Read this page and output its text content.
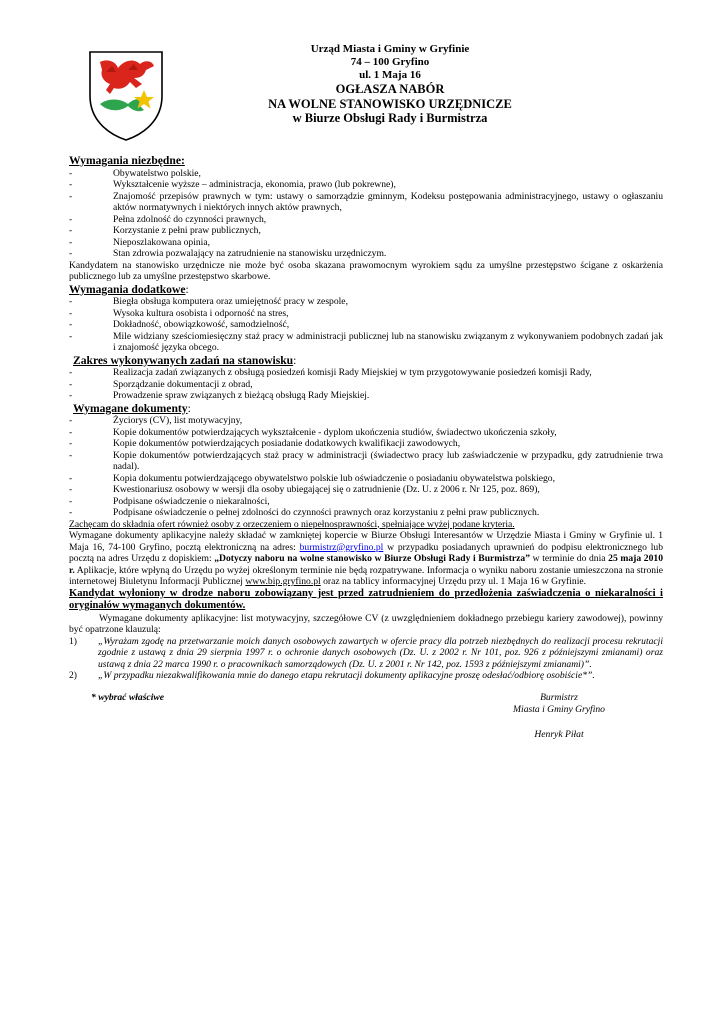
Urząd Miasta i Gminy w Gryfinie
74 – 100 Gryfino
ul. 1 Maja 16
OGŁASZA NABÓR
NA WOLNE STANOWISKO URZĘDNICZE
w Biurze Obsługi Rady i Burmistrza
Wymagania niezbędne:
- Obywatelstwo polskie,
- Wykształcenie wyższe – administracja, ekonomia, prawo (lub pokrewne),
- Znajomość przepisów prawnych w tym: ustawy o samorządzie gminnym, Kodeksu postępowania administracyjnego, ustawy o ogłaszaniu aktów normatywnych i niektórych innych aktów prawnych,
- Pełna zdolność do czynności prawnych,
- Korzystanie z pełni praw publicznych,
- Nieposzlakowana opinia,
- Stan zdrowia pozwalający na zatrudnienie na stanowisku urzędniczym.
Kandydatem na stanowisko urzędnicze nie może być osoba skazana prawomocnym wyrokiem sądu za umyślne przestępstwo ścigane z oskarżenia publicznego lub za umyślne przestępstwo skarbowe.
Wymagania dodatkowe:
- Biegła obsługa komputera oraz umiejętność pracy w zespole,
- Wysoka kultura osobista i odporność na stres,
- Dokładność, obowiązkowość, samodzielność,
- Mile widziany sześciomiesięczny staż pracy w administracji publicznej lub na stanowisku związanym z wykonywaniem podobnych zadań jak i znajomość języka obcego.
Zakres wykonywanych zadań na stanowisku:
- Realizacja zadań związanych z obsługą posiedzeń komisji Rady Miejskiej w tym przygotowywanie posiedzeń komisji Rady,
- Sporządzanie dokumentacji z obrad,
- Prowadzenie spraw związanych z bieżącą obsługą Rady Miejskiej.
Wymagane dokumenty:
- Życiorys (CV), list motywacyjny,
- Kopie dokumentów potwierdzających wykształcenie - dyplom ukończenia studiów, świadectwo ukończenia szkoły,
- Kopie dokumentów potwierdzających posiadanie dodatkowych kwalifikacji zawodowych,
- Kopie dokumentów potwierdzających staż pracy w administracji (świadectwo pracy lub zaświadczenie w przypadku, gdy zatrudnienie trwa nadal).
- Kopia dokumentu potwierdzającego obywatelstwo polskie lub oświadczenie o posiadaniu obywatelstwa polskiego,
- Kwestionariusz osobowy w wersji dla osoby ubiegającej się o zatrudnienie (Dz. U. z 2006 r. Nr 125, poz. 869),
- Podpisane oświadczenie o niekaralności,
- Podpisane oświadczenie o pełnej zdolności do czynności prawnych oraz korzystaniu z pełni praw publicznych.
Zachęcam do składnia ofert również osoby z orzeczeniem o niepełnosprawności, spełniające wyżej podane kryteria.
Wymagane dokumenty aplikacyjne należy składać w zamkniętej kopercie w Biurze Obsługi Interesantów w Urzędzie Miasta i Gminy w Gryfinie ul. 1 Maja 16, 74-100 Gryfino, pocztą elektroniczną na adres: burmistrz@gryfino.pl w przypadku posiadanych uprawnień do podpisu elektronicznego lub pocztą na adres Urzędu z dopiskiem: „Dotyczy naboru na wolne stanowisko w Biurze Obsługi Rady i Burmistrza” w terminie do dnia 25 maja 2010 r. Aplikacje, które wpłyną do Urzędu po wyżej określonym terminie nie będą rozpatrywane. Informacja o wyniku naboru zostanie umieszczona na stronie internetowej Biuletynu Informacji Publicznej www.bip.gryfino.pl oraz na tablicy informacyjnej Urzędu przy ul. 1 Maja 16 w Gryfinie.
Kandydat wyłoniony w drodze naboru zobowiązany jest przed zatrudnieniem do przedłożenia zaświadczenia o niekaralności i oryginałów wymaganych dokumentów.
Wymagane dokumenty aplikacyjne: list motywacyjny, szczegółowe CV (z uwzględnieniem dokładnego przebiegu kariery zawodowej), powinny być opatrzone klauzulą:
1) „Wyrażam zgodę na przetwarzanie moich danych osobowych zawartych w ofercie pracy dla potrzeb niezbędnych do realizacji procesu rekrutacji zgodnie z ustawą z dnia 29 sierpnia 1997 r. o ochronie danych osobowych (Dz. U. z 2002 r. Nr 101, poz. 926 z późniejszymi zmianami) oraz ustawą z dnia 22 marca 1990 r. o pracownikach samorządowych (Dz. U. z 2001 r. Nr 142, poz. 1593 z późniejszymi zmianami)”.
2) „W przypadku niezakwalifikowania mnie do danego etapu rekrutacji dokumenty aplikacyjne proszę odesłać/odbiorę osobiście*”.
* wybrać właściwe	Burmistrz
Miasta i Gminy Gryfino
Henryk Piłat
